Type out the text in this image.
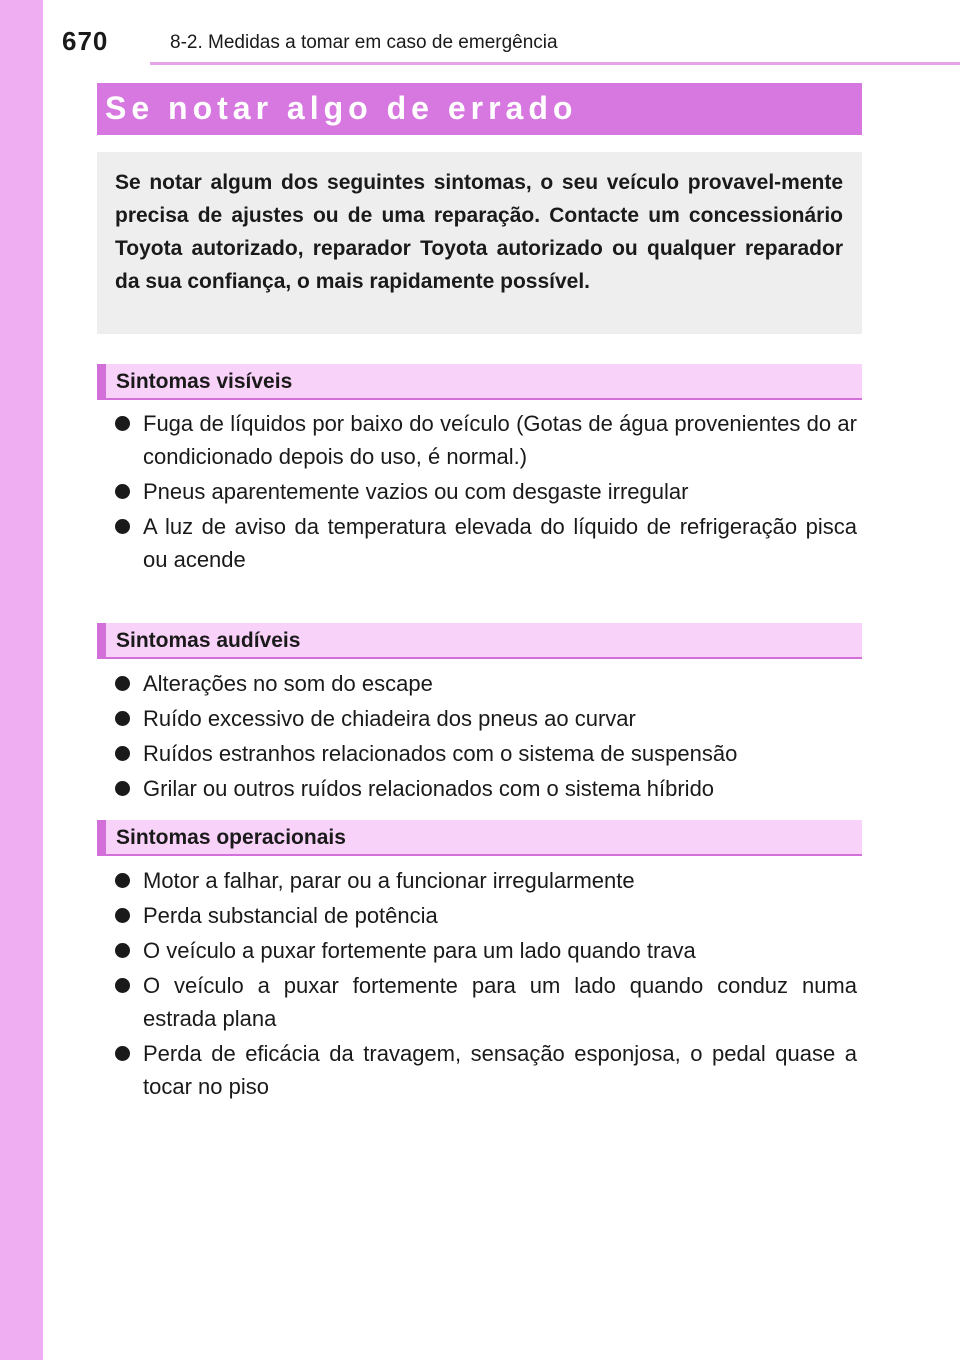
670	8-2. Medidas a tomar em caso de emergência
Se notar algo de errado
Se notar algum dos seguintes sintomas, o seu veículo provavel-mente precisa de ajustes ou de uma reparação. Contacte um concessionário Toyota autorizado, reparador Toyota autorizado ou qualquer reparador da sua confiança, o mais rapidamente possível.
Sintomas visíveis
Fuga de líquidos por baixo do veículo (Gotas de água provenientes do ar condicionado depois do uso, é normal.)
Pneus aparentemente vazios ou com desgaste irregular
A luz de aviso da temperatura elevada do líquido de refrigeração pisca ou acende
Sintomas audíveis
Alterações no som do escape
Ruído excessivo de chiadeira dos pneus ao curvar
Ruídos estranhos relacionados com o sistema de suspensão
Grilar ou outros ruídos relacionados com o sistema híbrido
Sintomas operacionais
Motor a falhar, parar ou a funcionar irregularmente
Perda substancial de potência
O veículo a puxar fortemente para um lado quando trava
O veículo a puxar fortemente para um lado quando conduz numa estrada plana
Perda de eficácia da travagem, sensação esponjosa, o pedal quase a tocar no piso
